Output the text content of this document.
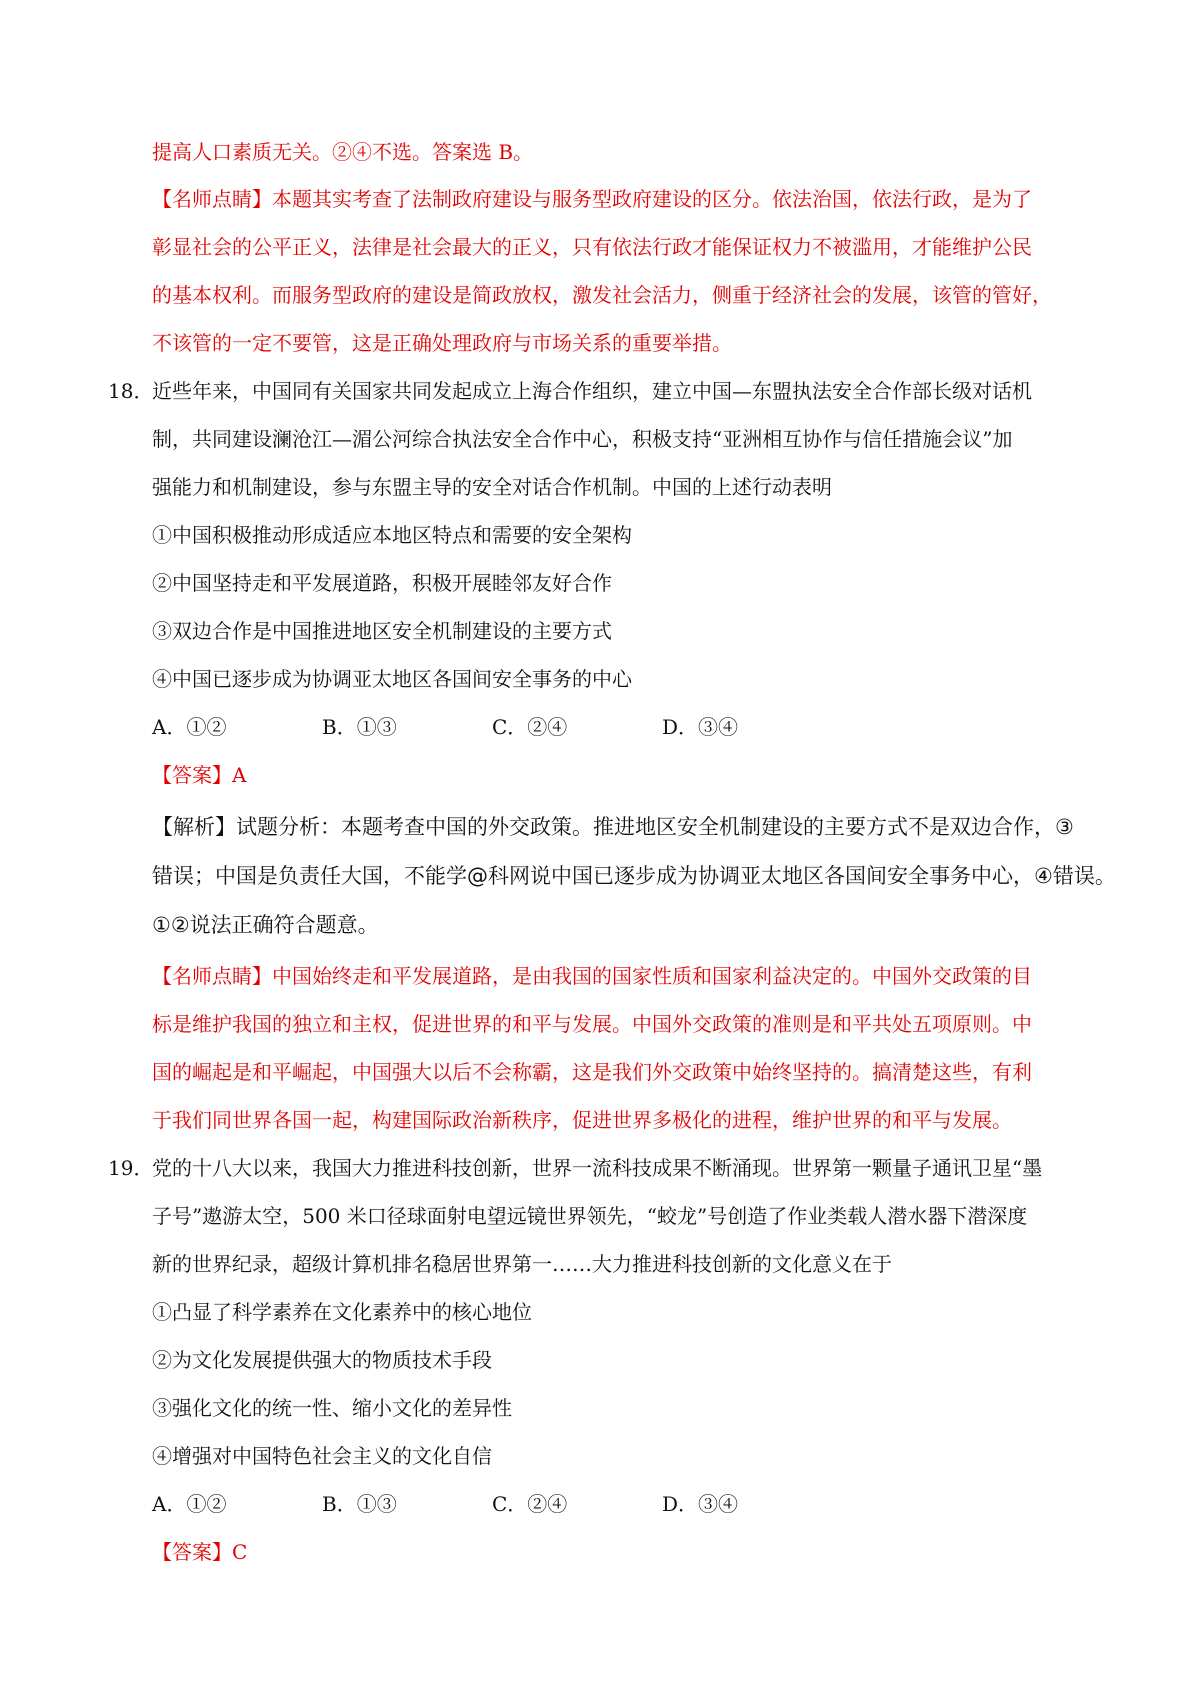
提高人口素质无关。②④不选。答案选 B。
【名师点睛】本题其实考查了法制政府建设与服务型政府建设的区分。依法治国，依法行政，是为了
彰显社会的公平正义，法律是社会最大的正义，只有依法行政才能保证权力不被滥用，才能维护公民
的基本权利。而服务型政府的建设是简政放权，激发社会活力，侧重于经济社会的发展，该管的管好，
不该管的一定不要管，这是正确处理政府与市场关系的重要举措。
18．
近些年来，中国同有关国家共同发起成立上海合作组织，建立中国—东盟执法安全合作部长级对话机
制，共同建设澜沧江—湄公河综合执法安全合作中心，积极支持“亚洲相互协作与信任措施会议”加
强能力和机制建设，参与东盟主导的安全对话合作机制。中国的上述行动表明
①中国积极推动形成适应本地区特点和需要的安全架构
②中国坚持走和平发展道路，积极开展睦邻友好合作
③双边合作是中国推进地区安全机制建设的主要方式
④中国已逐步成为协调亚太地区各国间安全事务的中心
A．①②	B．①③	C．②④	D．③④
【答案】A
【解析】试题分析：本题考查中国的外交政策。推进地区安全机制建设的主要方式不是双边合作，③
错误；中国是负责任大国，不能学@科网说中国已逐步成为协调亚太地区各国间安全事务中心，④错误。
①②说法正确符合题意。
【名师点睛】中国始终走和平发展道路，是由我国的国家性质和国家利益决定的。中国外交政策的目
标是维护我国的独立和主权，促进世界的和平与发展。中国外交政策的准则是和平共处五项原则。中
国的崛起是和平崛起，中国强大以后不会称霸，这是我们外交政策中始终坚持的。搞清楚这些，有利
于我们同世界各国一起，构建国际政治新秩序，促进世界多极化的进程，维护世界的和平与发展。
19．
党的十八大以来，我国大力推进科技创新，世界一流科技成果不断涌现。世界第一颗量子通讯卫星“墨
子号”遨游太空，500 米口径球面射电望远镜世界领先，“蛟龙”号创造了作业类载人潜水器下潜深度
新的世界纪录，超级计算机排名稳居世界第一……大力推进科技创新的文化意义在于
①凸显了科学素养在文化素养中的核心地位
②为文化发展提供强大的物质技术手段
③强化文化的统一性、缩小文化的差异性
④增强对中国特色社会主义的文化自信
A．①②	B．①③	C．②④	D．③④
【答案】C
